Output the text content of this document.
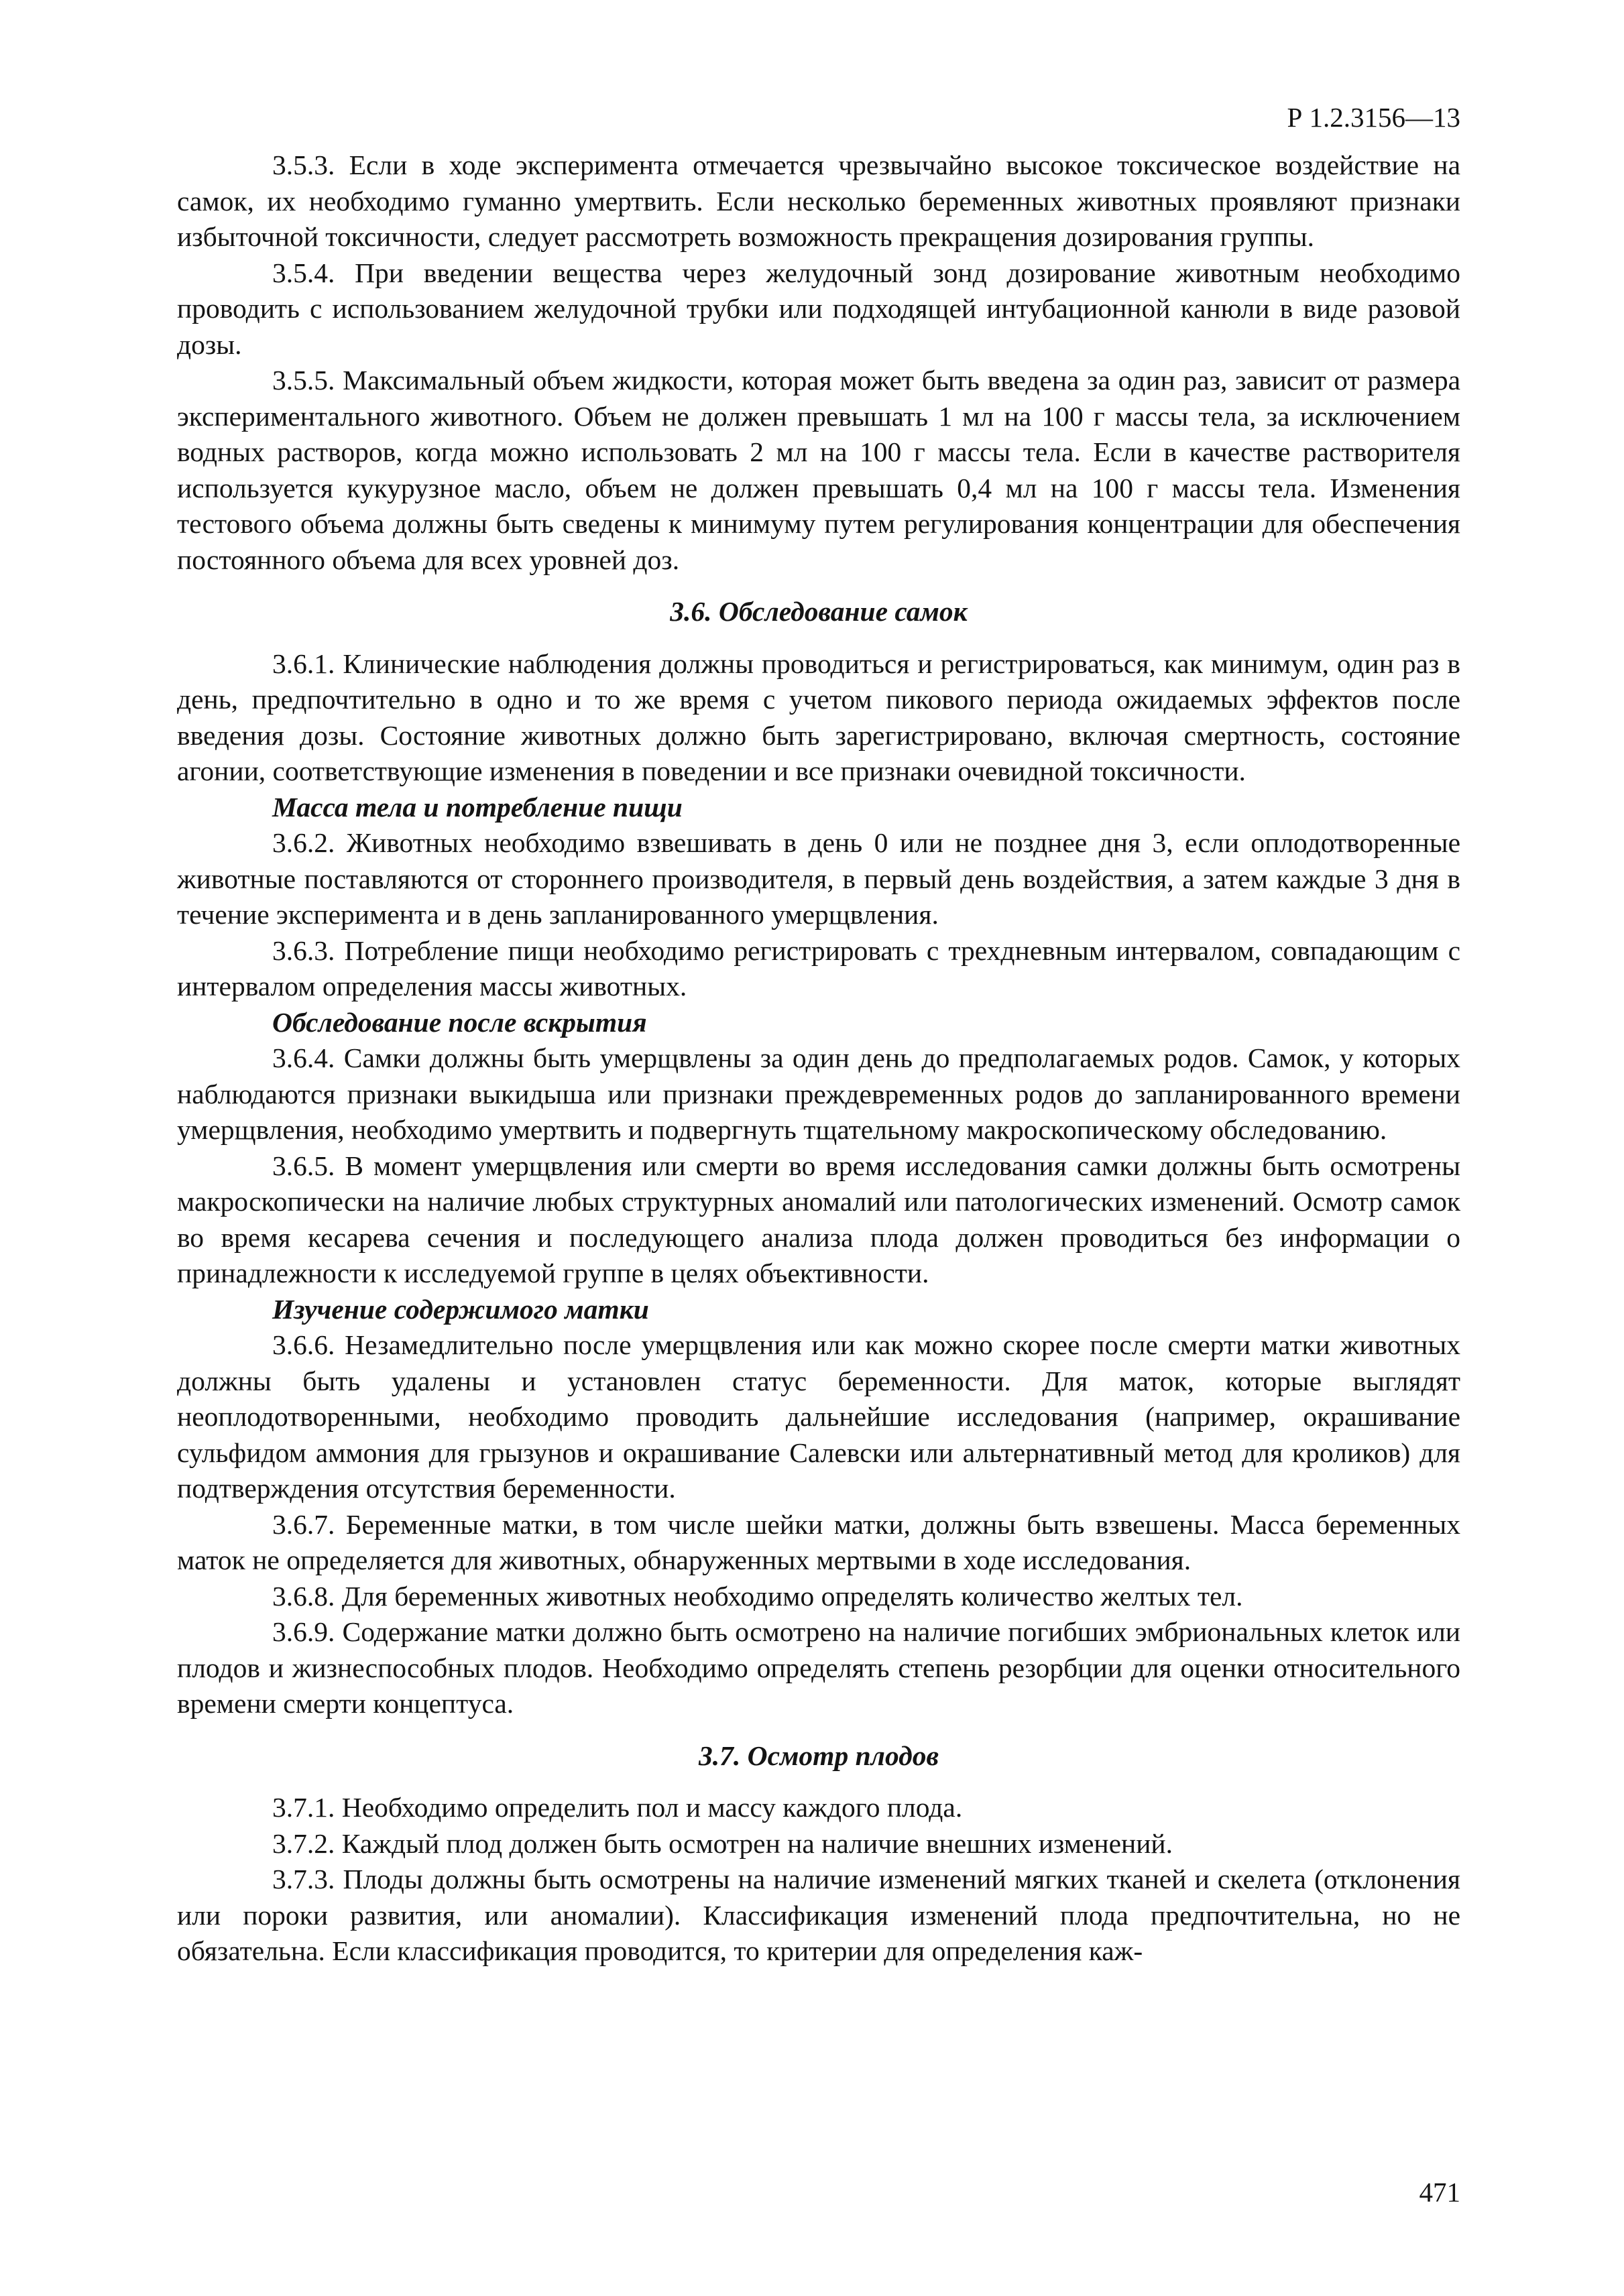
Р 1.2.3156—13

3.5.3. Если в ходе эксперимента отмечается чрезвычайно высокое токсическое воздействие на самок, их необходимо гуманно умертвить. Если несколько беременных животных проявляют признаки избыточной токсичности, следует рассмотреть возможность прекращения дозирования группы.

3.5.4. При введении вещества через желудочный зонд дозирование животным необходимо проводить с использованием желудочной трубки или подходящей интубационной канюли в виде разовой дозы.

3.5.5. Максимальный объем жидкости, которая может быть введена за один раз, зависит от размера экспериментального животного. Объем не должен превышать 1 мл на 100 г массы тела, за исключением водных растворов, когда можно использовать 2 мл на 100 г массы тела. Если в качестве растворителя используется кукурузное масло, объем не должен превышать 0,4 мл на 100 г массы тела. Изменения тестового объема должны быть сведены к минимуму путем регулирования концентрации для обеспечения постоянного объема для всех уровней доз.

3.6. Обследование самок

3.6.1. Клинические наблюдения должны проводиться и регистрироваться, как минимум, один раз в день, предпочтительно в одно и то же время с учетом пикового периода ожидаемых эффектов после введения дозы. Состояние животных должно быть зарегистрировано, включая смертность, состояние агонии, соответствующие изменения в поведении и все признаки очевидной токсичности.

Масса тела и потребление пищи

3.6.2. Животных необходимо взвешивать в день 0 или не позднее дня 3, если оплодотворенные животные поставляются от стороннего производителя, в первый день воздействия, а затем каждые 3 дня в течение эксперимента и в день запланированного умерщвления.

3.6.3. Потребление пищи необходимо регистрировать с трехдневным интервалом, совпадающим с интервалом определения массы животных.

Обследование после вскрытия

3.6.4. Самки должны быть умерщвлены за один день до предполагаемых родов. Самок, у которых наблюдаются признаки выкидыша или признаки преждевременных родов до запланированного времени умерщвления, необходимо умертвить и подвергнуть тщательному макроскопическому обследованию.

3.6.5. В момент умерщвления или смерти во время исследования самки должны быть осмотрены макроскопически на наличие любых структурных аномалий или патологических изменений. Осмотр самок во время кесарева сечения и последующего анализа плода должен проводиться без информации о принадлежности к исследуемой группе в целях объективности.

Изучение содержимого матки

3.6.6. Незамедлительно после умерщвления или как можно скорее после смерти матки животных должны быть удалены и установлен статус беременности. Для маток, которые выглядят неоплодотворенными, необходимо проводить дальнейшие исследования (например, окрашивание сульфидом аммония для грызунов и окрашивание Салевски или альтернативный метод для кроликов) для подтверждения отсутствия беременности.

3.6.7. Беременные матки, в том числе шейки матки, должны быть взвешены. Масса беременных маток не определяется для животных, обнаруженных мертвыми в ходе исследования.

3.6.8. Для беременных животных необходимо определять количество желтых тел.

3.6.9. Содержание матки должно быть осмотрено на наличие погибших эмбриональных клеток или плодов и жизнеспособных плодов. Необходимо определять степень резорбции для оценки относительного времени смерти концептуса.

3.7. Осмотр плодов

3.7.1. Необходимо определить пол и массу каждого плода.

3.7.2. Каждый плод должен быть осмотрен на наличие внешних изменений.

3.7.3. Плоды должны быть осмотрены на наличие изменений мягких тканей и скелета (отклонения или пороки развития, или аномалии). Классификация изменений плода предпочтительна, но не обязательна. Если классификация проводится, то критерии для определения каж-

471
